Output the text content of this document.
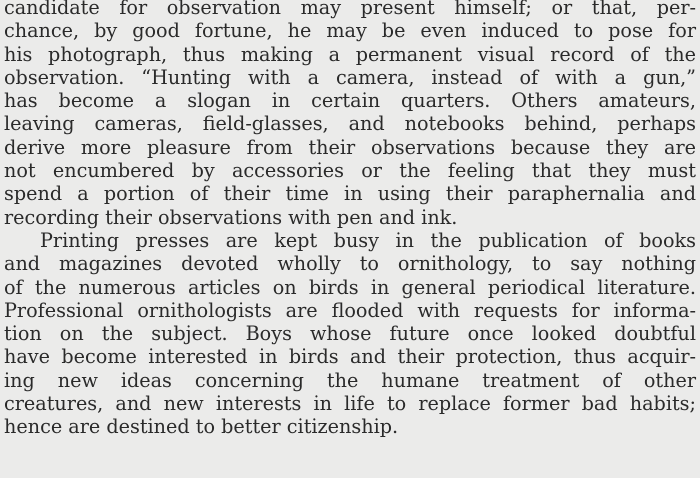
candidate for observation may present himself; or that, per-
chance, by good fortune, he may be even induced to pose for
his photograph, thus making a permanent visual record of the
observation. “Hunting with a camera, instead of with a gun,”
has become a slogan in certain quarters. Others amateurs,
leaving cameras, field-glasses, and notebooks behind, perhaps
derive more pleasure from their observations because they are
not encumbered by accessories or the feeling that they must
spend a portion of their time in using their paraphernalia and
recording their observations with pen and ink.
Printing presses are kept busy in the publication of books
and magazines devoted wholly to ornithology, to say nothing
of the numerous articles on birds in general periodical literature.
Professional ornithologists are flooded with requests for informa-
tion on the subject. Boys whose future once looked doubtful
have become interested in birds and their protection, thus acquir-
ing new ideas concerning the humane treatment of other
creatures, and new interests in life to replace former bad habits;
hence are destined to better citizenship.
